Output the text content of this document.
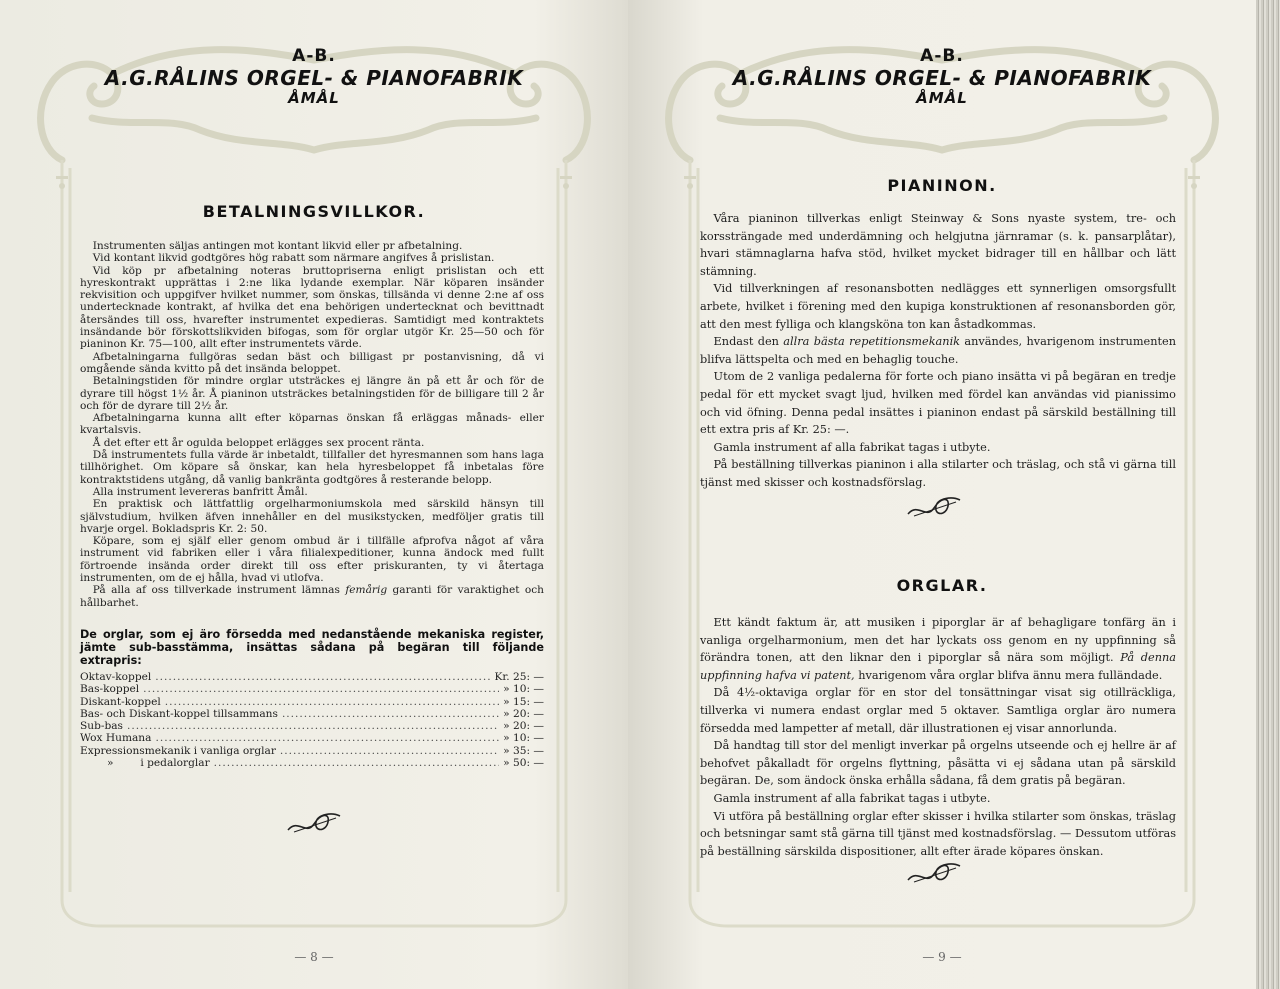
A-B.
A.G.RÅLINS ORGEL- & PIANOFABRIK
ÅMÅL
BETALNINGSVILLKOR.

Instrumenten säljas antingen mot kontant likvid eller pr afbetalning.

Vid kontant likvid godtgöres hög rabatt som närmare angifves å prislistan.

Vid köp pr afbetalning noteras bruttopriserna enligt prislistan och ett hyreskontrakt upprättas i 2:ne lika lydande exemplar. När köparen insänder rekvisition och uppgifver hvilket nummer, som önskas, tillsända vi denne 2:ne af oss undertecknade kontrakt, af hvilka det ena behörigen undertecknat och bevittnadt återsändes till oss, hvarefter instrumentet expedieras. Samtidigt med kontraktets insändande bör förskottslikviden bifogas, som för orglar utgör Kr. 25—50 och för pianinon Kr. 75—100, allt efter instrumentets värde.

Afbetalningarna fullgöras sedan bäst och billigast pr postanvisning, då vi omgående sända kvitto på det insända beloppet.

Betalningstiden för mindre orglar utsträckes ej längre än på ett år och för de dyrare till högst 1½ år. Å pianinon utsträckes betalningstiden för de billigare till 2 år och för de dyrare till 2½ år.

Afbetalningarna kunna allt efter köparnas önskan få erläggas månads- eller kvartalsvis.

Å det efter ett år ogulda beloppet erlägges sex procent ränta.

Då instrumentets fulla värde är inbetaldt, tillfaller det hyresmannen som hans laga tillhörighet. Om köpare så önskar, kan hela hyresbeloppet få inbetalas före kontraktstidens utgång, då vanlig bankränta godtgöres å resterande belopp.

Alla instrument levereras banfritt Åmål.

En praktisk och lättfattlig orgelharmoniumskola med särskild hänsyn till självstudium, hvilken äfven innehåller en del musikstycken, medföljer gratis till hvarje orgel. Bokladspris Kr. 2: 50.

Köpare, som ej själf eller genom ombud är i tillfälle afprofva något af våra instrument vid fabriken eller i våra filialexpeditioner, kunna ändock med fullt förtroende insända order direkt till oss efter priskuranten, ty vi återtaga instrumenten, om de ej hålla, hvad vi utlofva.

På alla af oss tillverkade instrument lämnas femårig garanti för varaktighet och hållbarhet.

De orglar, som ej äro försedda med nedanstående mekaniska register, jämte sub-basstämma, insättas sådana på begäran till följande extrapris:
Oktav-koppel .....	Kr. 25: —
Bas-koppel .....	» 10: —
Diskant-koppel .....	» 15: —
Bas- och Diskant-koppel tillsammans .....	» 20: —
Sub-bas .....	» 20: —
Wox Humana .....	» 10: —
Expressionsmekanik i vanliga orglar .....	» 35: —
»        i pedalorglar .....	» 50: —
— 8 —
A-B.
A.G.RÅLINS ORGEL- & PIANOFABRIK
ÅMÅL
PIANINON.

Våra pianinon tillverkas enligt Steinway & Sons nyaste system, tre- och korssträngade med underdämning och helgjutna järnramar (s. k. pansarplåtar), hvari stämnaglarna hafva stöd, hvilket mycket bidrager till en hållbar och lätt stämning.

Vid tillverkningen af resonansbotten nedlägges ett synnerligen omsorgsfullt arbete, hvilket i förening med den kupiga konstruktionen af resonansborden gör, att den mest fylliga och klangsköna ton kan åstadkommas.

Endast den allra bästa repetitionsmekanik användes, hvarigenom instrumenten blifva lättspelta och med en behaglig touche.

Utom de 2 vanliga pedalerna för forte och piano insätta vi på begäran en tredje pedal för ett mycket svagt ljud, hvilken med fördel kan användas vid pianissimo och vid öfning. Denna pedal insättes i pianinon endast på särskild beställning till ett extra pris af Kr. 25: —.

Gamla instrument af alla fabrikat tagas i utbyte.

På beställning tillverkas pianinon i alla stilarter och träslag, och stå vi gärna till tjänst med skisser och kostnadsförslag.

ORGLAR.

Ett kändt faktum är, att musiken i piporglar är af behagligare tonfärg än i vanliga orgelharmonium, men det har lyckats oss genom en ny uppfinning så förändra tonen, att den liknar den i piporglar så nära som möjligt. På denna uppfinning hafva vi patent, hvarigenom våra orglar blifva ännu mera fulländade.

Då 4½-oktaviga orglar för en stor del tonsättningar visat sig otillräckliga, tillverka vi numera endast orglar med 5 oktaver. Samtliga orglar äro numera försedda med lampetter af metall, där illustrationen ej visar annorlunda.

Då handtag till stor del menligt inverkar på orgelns utseende och ej hellre är af behofvet påkalladt för orgelns flyttning, påsätta vi ej sådana utan på särskild begäran. De, som ändock önska erhålla sådana, få dem gratis på begäran.

Gamla instrument af alla fabrikat tagas i utbyte.

Vi utföra på beställning orglar efter skisser i hvilka stilarter som önskas, träslag och betsningar samt stå gärna till tjänst med kostnadsförslag. — Dessutom utföras på beställning särskilda dispositioner, allt efter ärade köpares önskan.

— 9 —
